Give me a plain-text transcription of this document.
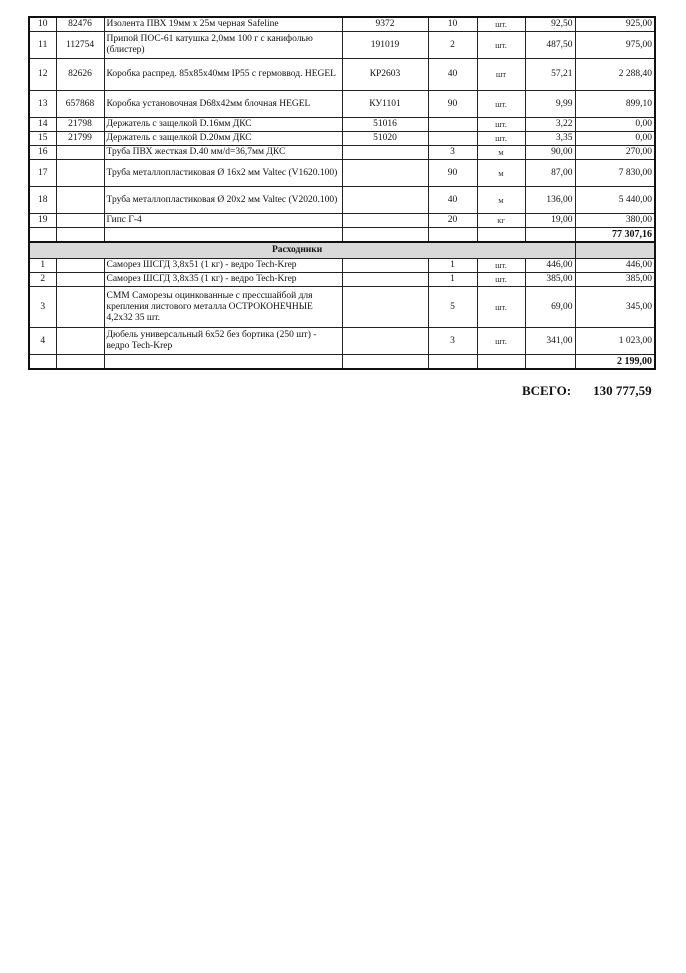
10	82476	Изолента ПВХ 19мм х 25м черная Safeline	9372	10	шт.	92,50	925,00
11	112754	Припой ПОС-61 катушка 2,0мм 100 г с канифолью (блистер)	191019	2	шт.	487,50	975,00
12	82626	Коробка распред. 85х85х40мм IP55 с гермоввод. HEGEL	КР2603	40	шт	57,21	2 288,40
13	657868	Коробка установочная D68x42мм блочная HEGEL	КУ1101	90	шт.	9,99	899,10
14	21798	Держатель с защелкой D.16мм ДКС	51016		шт.	3,22	0,00
15	21799	Держатель с защелкой D.20мм ДКС	51020		шт.	3,35	0,00
16		Труба ПВХ жесткая D.40 мм/d=36,7мм ДКС		3	м	90,00	270,00
17		Труба металлопластиковая Ø 16x2 мм Valtec (V1620.100)		90	м	87,00	7 830,00
18		Труба металлопластиковая Ø 20x2 мм Valtec (V2020.100)		40	м	136,00	5 440,00
19		Гипс Г-4		20	кг	19,00	380,00
							77 307,16
Расходники							
1		Саморез ШСГД 3,8х51 (1 кг) - ведро Tech-Krep		1	шт.	446,00	446,00
2		Саморез ШСГД 3,8х35 (1 кг) - ведро Tech-Krep		1	шт.	385,00	385,00
3		СММ Саморезы оцинкованные с прессшайбой для крепления листового металла ОСТРОКОНЕЧНЫЕ 4,2х32 35 шт.		5	шт.	69,00	345,00
4		Дюбель универсальный 6х52 без бортика (250 шт) - ведро Tech-Krep		3	шт.	341,00	1 023,00
							2 199,00
ВСЕГО: 130 777,59
